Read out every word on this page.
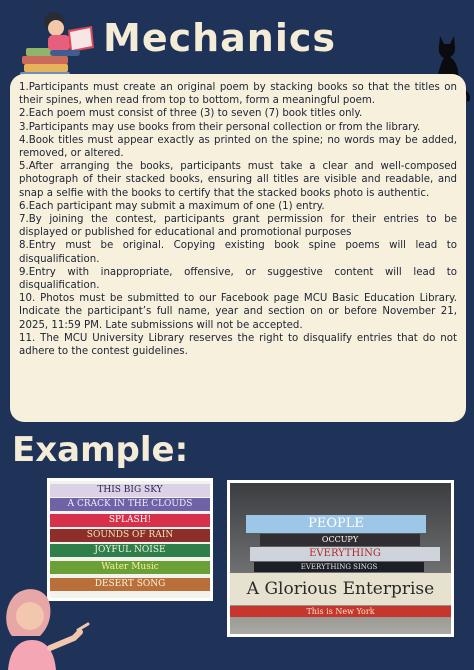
Mechanics
1.Participants must create an original poem by stacking books so that the titles on their spines, when read from top to bottom, form a meaningful poem.
2.Each poem must consist of three (3) to seven (7) book titles only.
3.Participants may use books from their personal collection or from the library.
4.Book titles must appear exactly as printed on the spine; no words may be added, removed, or altered.
5.After arranging the books, participants must take a clear and well-composed photograph of their stacked books, ensuring all titles are visible and readable, and snap a selfie with the books to certify that the stacked books photo is authentic.
6.Each participant may submit a maximum of one (1) entry.
7.By joining the contest, participants grant permission for their entries to be displayed or published for educational and promotional purposes
8.Entry must be original. Copying existing book spine poems will lead to disqualification.
9.Entry with inappropriate, offensive, or suggestive content will lead to disqualification.
10. Photos must be submitted to our Facebook page MCU Basic Education Library. Indicate the participant’s full name, year and section on or before November 21, 2025, 11:59 PM. Late submissions will not be accepted.
11. The MCU University Library reserves the right to disqualify entries that do not adhere to the contest guidelines.
Example:
THIS BIG SKY
A CRACK IN THE CLOUDS
SPLASH!
SOUNDS OF RAIN
JOYFUL NOISE
Water Music
DESERT SONG
PEOPLE
OCCUPY
EVERYTHING
EVERYTHING SINGS
A Glorious Enterprise
This is New York
